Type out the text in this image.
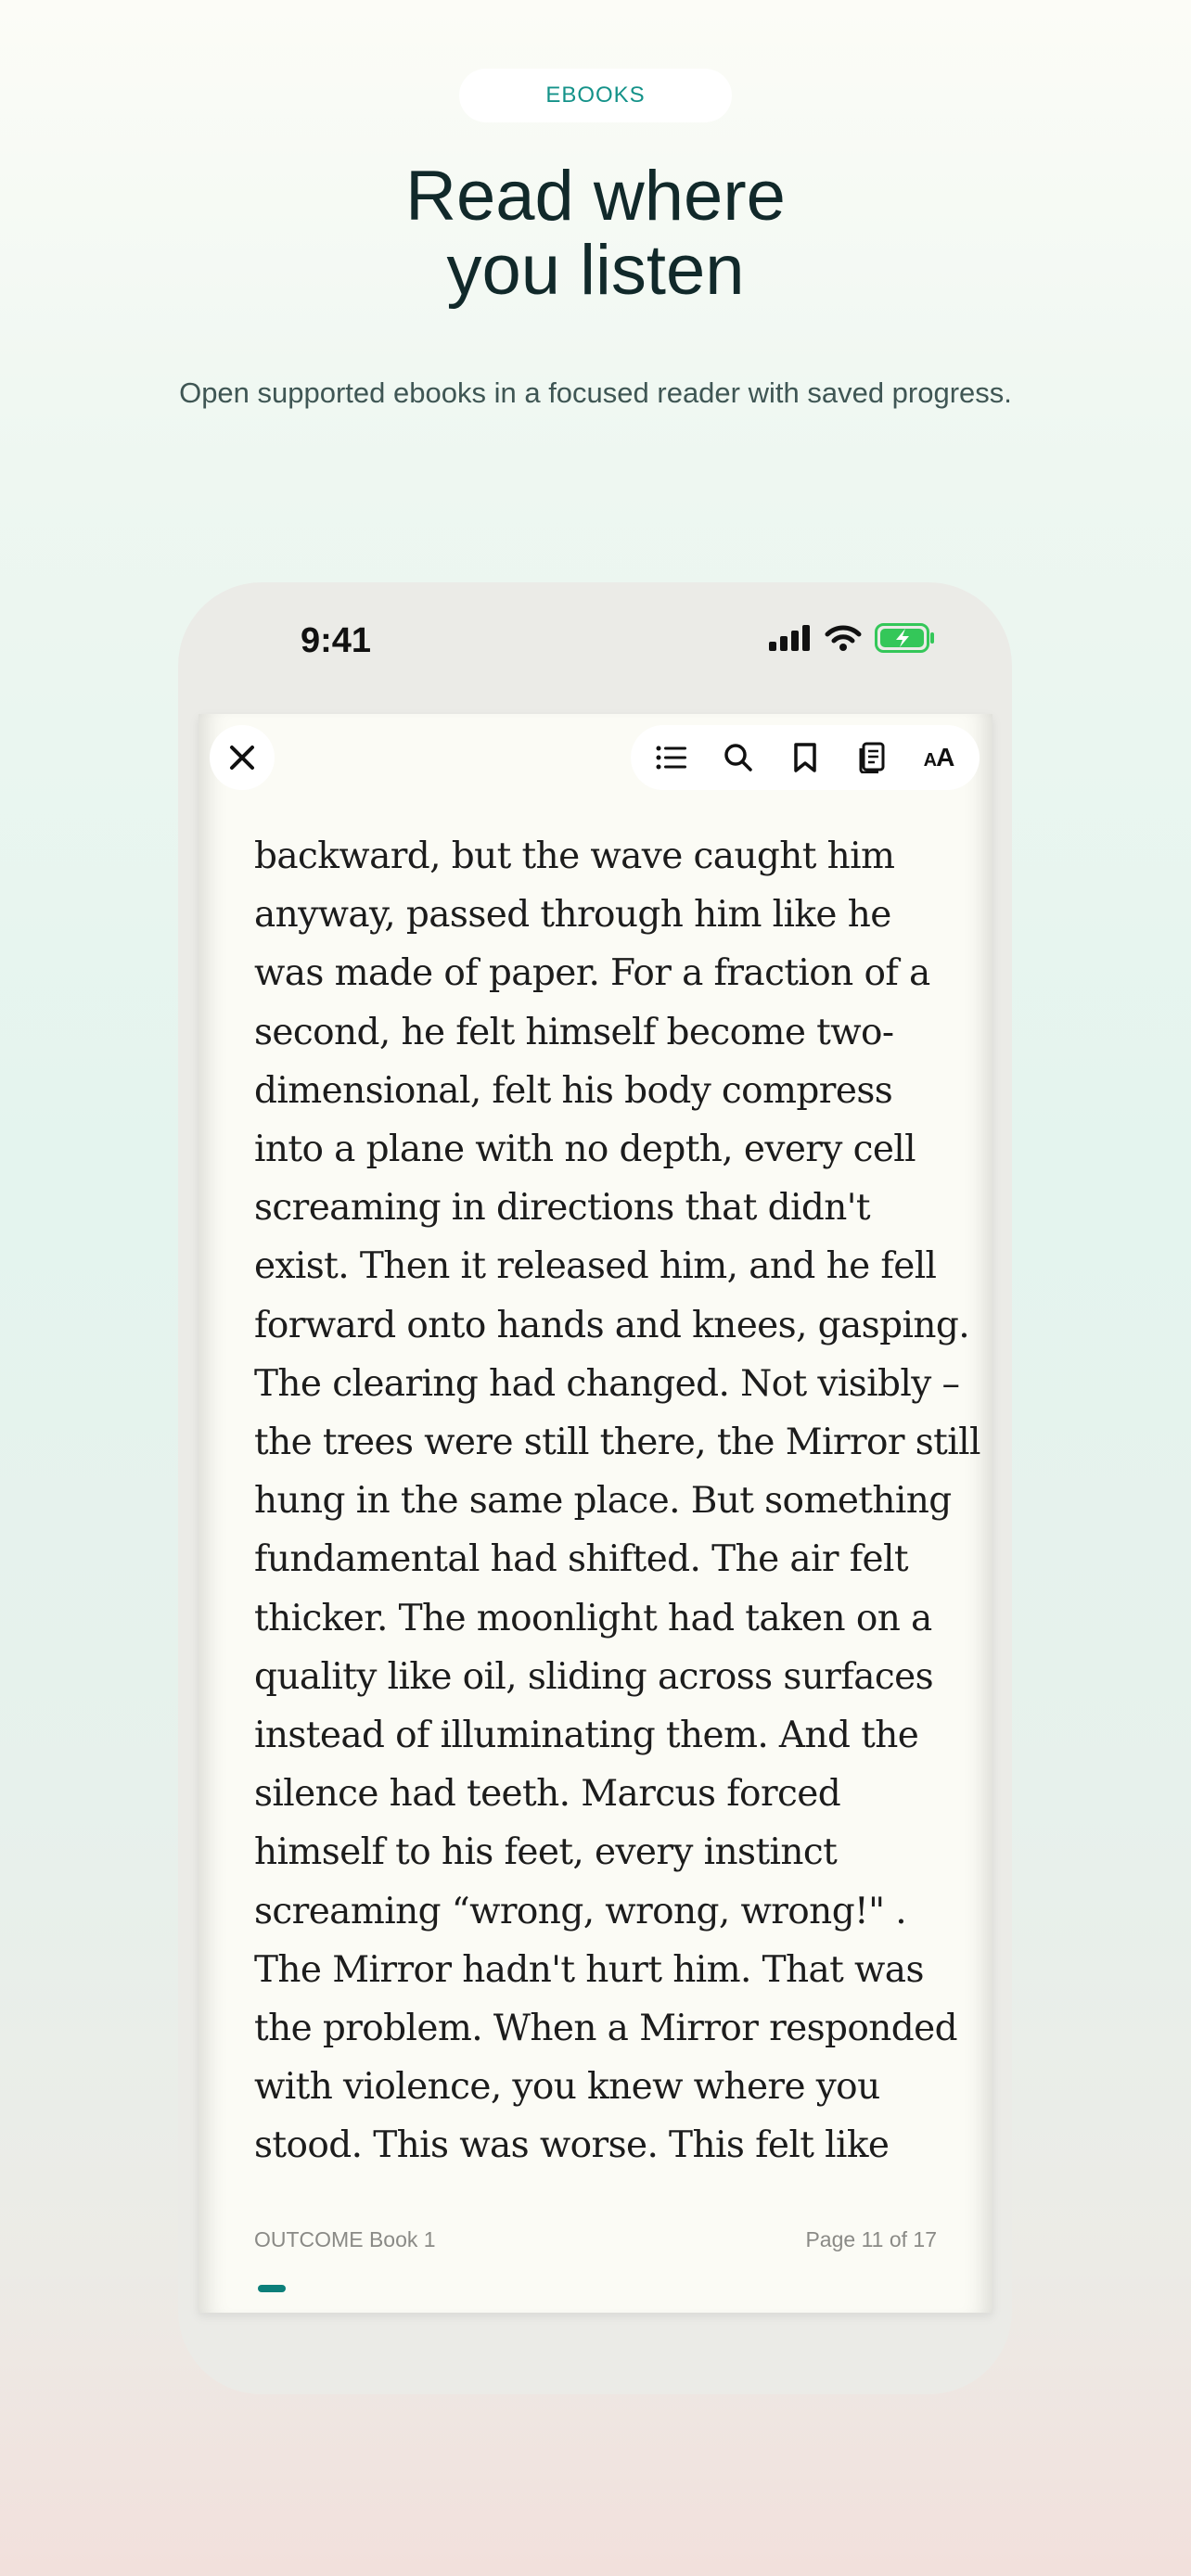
EBOOKS
Read where
you listen
Open supported ebooks in a focused reader with saved progress.
9:41
AA
backward, but the wave caught him
anyway, passed through him like he
was made of paper. For a fraction of a
second, he felt himself become two-
dimensional, felt his body compress
into a plane with no depth, every cell
screaming in directions that didn't
exist. Then it released him, and he fell
forward onto hands and knees, gasping.
The clearing had changed. Not visibly –
the trees were still there, the Mirror still
hung in the same place. But something
fundamental had shifted. The air felt
thicker. The moonlight had taken on a
quality like oil, sliding across surfaces
instead of illuminating them. And the
silence had teeth. Marcus forced
himself to his feet, every instinct
screaming “wrong, wrong, wrong!" .
The Mirror hadn't hurt him. That was
the problem. When a Mirror responded
with violence, you knew where you
stood. This was worse. This felt like
OUTCOME Book 1	Page 11 of 17
